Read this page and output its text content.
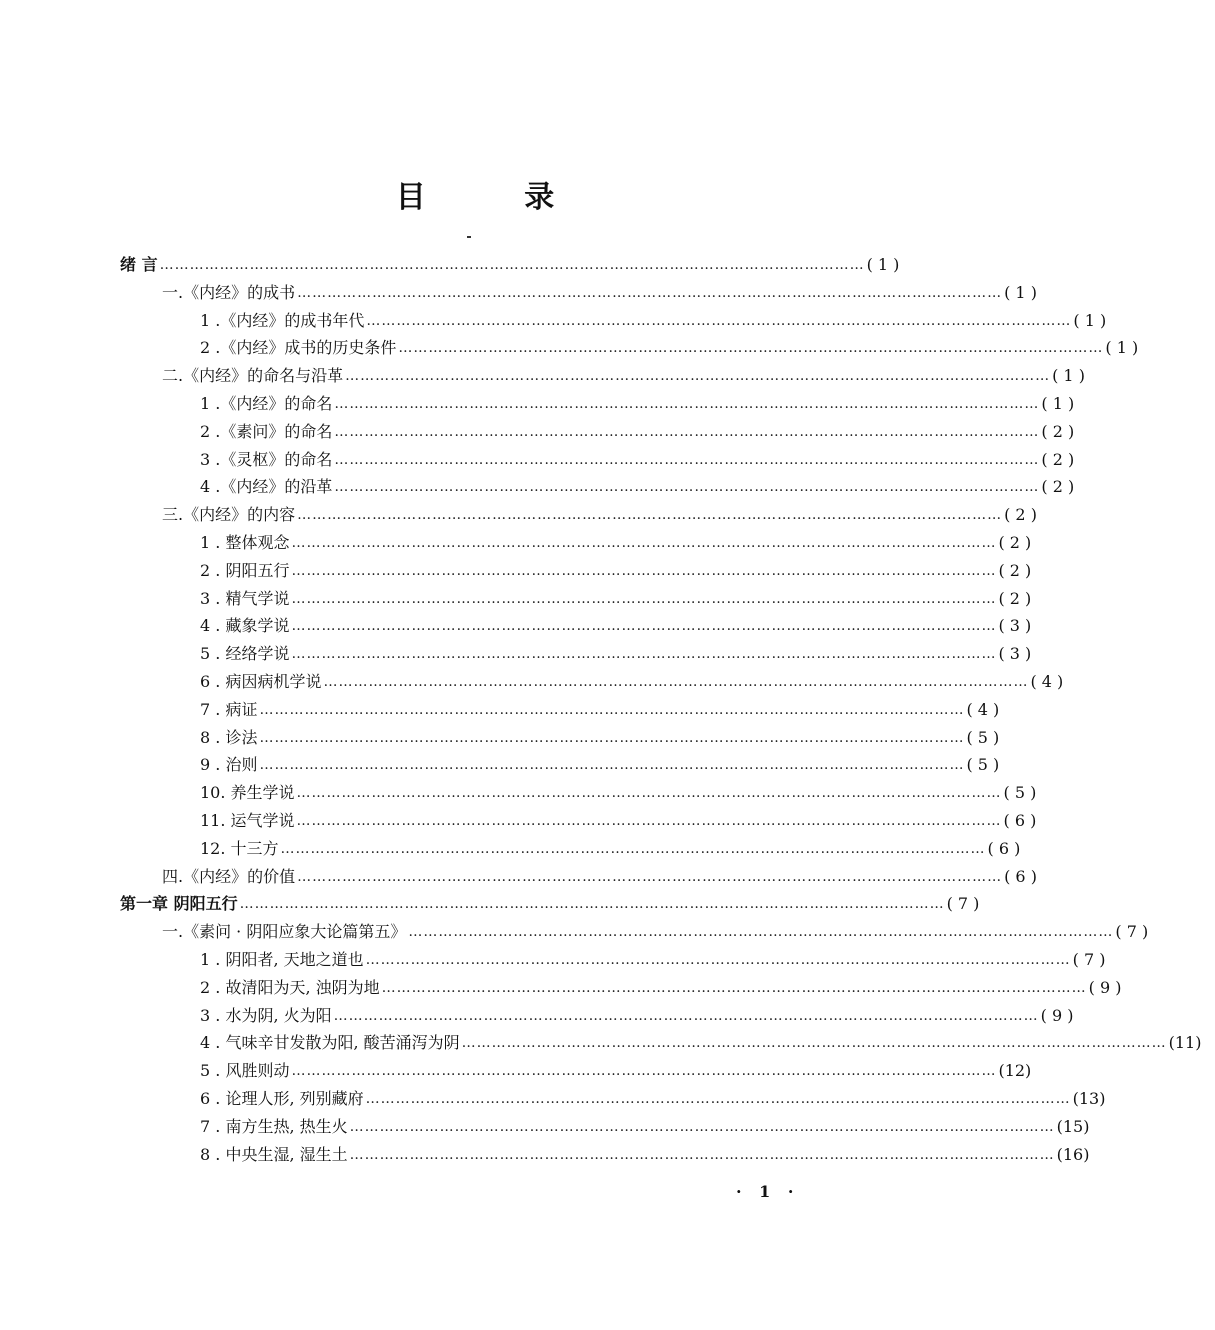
目 录
绪 言 …………………………………………………………………………………………………………………………… ( 1 )
一.《内经》的成书 …………………………………………………………………………………………………………………………… ( 1 )
1 .《内经》的成书年代 …………………………………………………………………………………………………………………………… ( 1 )
2 .《内经》成书的历史条件 …………………………………………………………………………………………………………………………… ( 1 )
二.《内经》的命名与沿革 …………………………………………………………………………………………………………………………… ( 1 )
1 .《内经》的命名 …………………………………………………………………………………………………………………………… ( 1 )
2 .《素问》的命名 …………………………………………………………………………………………………………………………… ( 2 )
3 .《灵枢》的命名 …………………………………………………………………………………………………………………………… ( 2 )
4 .《内经》的沿革 …………………………………………………………………………………………………………………………… ( 2 )
三.《内经》的内容 …………………………………………………………………………………………………………………………… ( 2 )
1 . 整体观念 …………………………………………………………………………………………………………………………… ( 2 )
2 . 阴阳五行 …………………………………………………………………………………………………………………………… ( 2 )
3 . 精气学说 …………………………………………………………………………………………………………………………… ( 2 )
4 . 藏象学说 …………………………………………………………………………………………………………………………… ( 3 )
5 . 经络学说 …………………………………………………………………………………………………………………………… ( 3 )
6 . 病因病机学说 …………………………………………………………………………………………………………………………… ( 4 )
7 . 病证 …………………………………………………………………………………………………………………………… ( 4 )
8 . 诊法 …………………………………………………………………………………………………………………………… ( 5 )
9 . 治则 …………………………………………………………………………………………………………………………… ( 5 )
10. 养生学说 …………………………………………………………………………………………………………………………… ( 5 )
11. 运气学说 …………………………………………………………………………………………………………………………… ( 6 )
12. 十三方 …………………………………………………………………………………………………………………………… ( 6 )
四.《内经》的价值 …………………………………………………………………………………………………………………………… ( 6 )
第一章 阴阳五行 …………………………………………………………………………………………………………………………… ( 7 )
一.《素问 · 阴阳应象大论篇第五》 …………………………………………………………………………………………………………………………… ( 7 )
1 . 阴阳者, 天地之道也 …………………………………………………………………………………………………………………………… ( 7 )
2 . 故清阳为天, 浊阴为地 …………………………………………………………………………………………………………………………… ( 9 )
3 . 水为阴, 火为阳 …………………………………………………………………………………………………………………………… ( 9 )
4 . 气味辛甘发散为阳, 酸苦涌泻为阴 …………………………………………………………………………………………………………………………… (11)
5 . 风胜则动 …………………………………………………………………………………………………………………………… (12)
6 . 论理人形, 列别藏府 …………………………………………………………………………………………………………………………… (13)
7 . 南方生热, 热生火 …………………………………………………………………………………………………………………………… (15)
8 . 中央生湿, 湿生土 …………………………………………………………………………………………………………………………… (16)
· 1 ·
